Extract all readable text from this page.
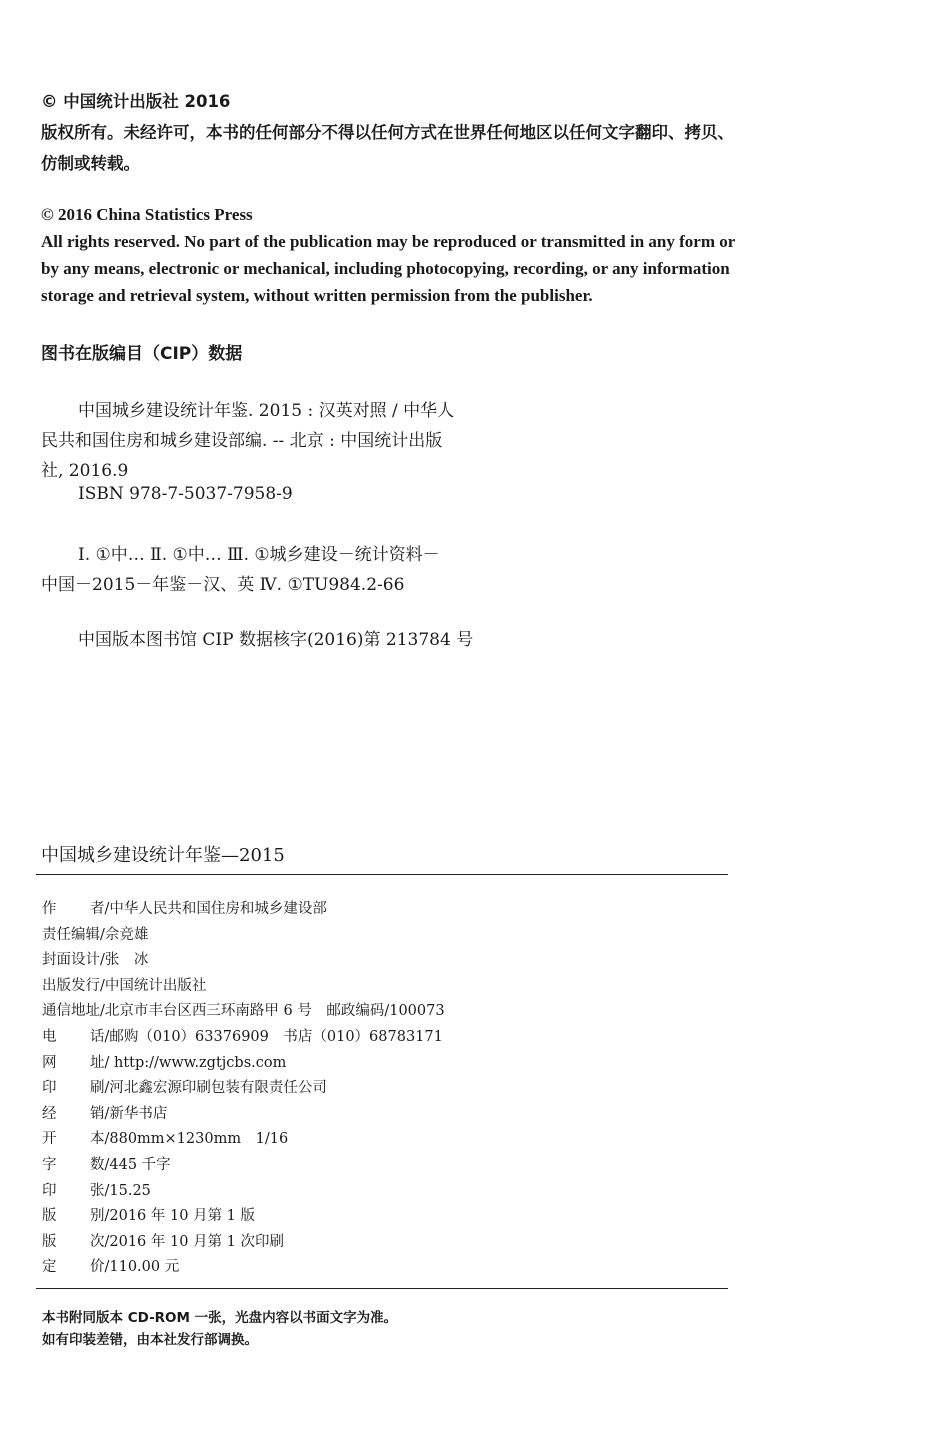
© 中国统计出版社 2016
版权所有。未经许可，本书的任何部分不得以任何方式在世界任何地区以任何文字翻印、拷贝、
仿制或转载。
© 2016 China Statistics Press
All rights reserved. No part of the publication may be reproduced or transmitted in any form or
by any means, electronic or mechanical, including photocopying, recording, or any information
storage and retrieval system, without written permission from the publisher.
图书在版编目（CIP）数据
中国城乡建设统计年鉴. 2015 : 汉英对照 / 中华人
民共和国住房和城乡建设部编. -- 北京 : 中国统计出版
社, 2016.9
ISBN 978-7-5037-7958-9
Ⅰ. ①中… Ⅱ. ①中… Ⅲ. ①城乡建设－统计资料－
中国－2015－年鉴－汉、英 Ⅳ. ①TU984.2-66
中国版本图书馆 CIP 数据核字(2016)第 213784 号
中国城乡建设统计年鉴—2015
作 者/中华人民共和国住房和城乡建设部
责任编辑/佘竞雄
封面设计/张　冰
出版发行/中国统计出版社
通信地址/北京市丰台区西三环南路甲 6 号　邮政编码/100073
电 话/邮购（010）63376909　书店（010）68783171
网 址/ http://www.zgtjcbs.com
印 刷/河北鑫宏源印刷包装有限责任公司
经 销/新华书店
开 本/880mm×1230mm　1/16
字 数/445 千字
印 张/15.25
版 别/2016 年 10 月第 1 版
版 次/2016 年 10 月第 1 次印刷
定 价/110.00 元
本书附同版本 CD-ROM 一张，光盘内容以书面文字为准。
如有印装差错，由本社发行部调换。
